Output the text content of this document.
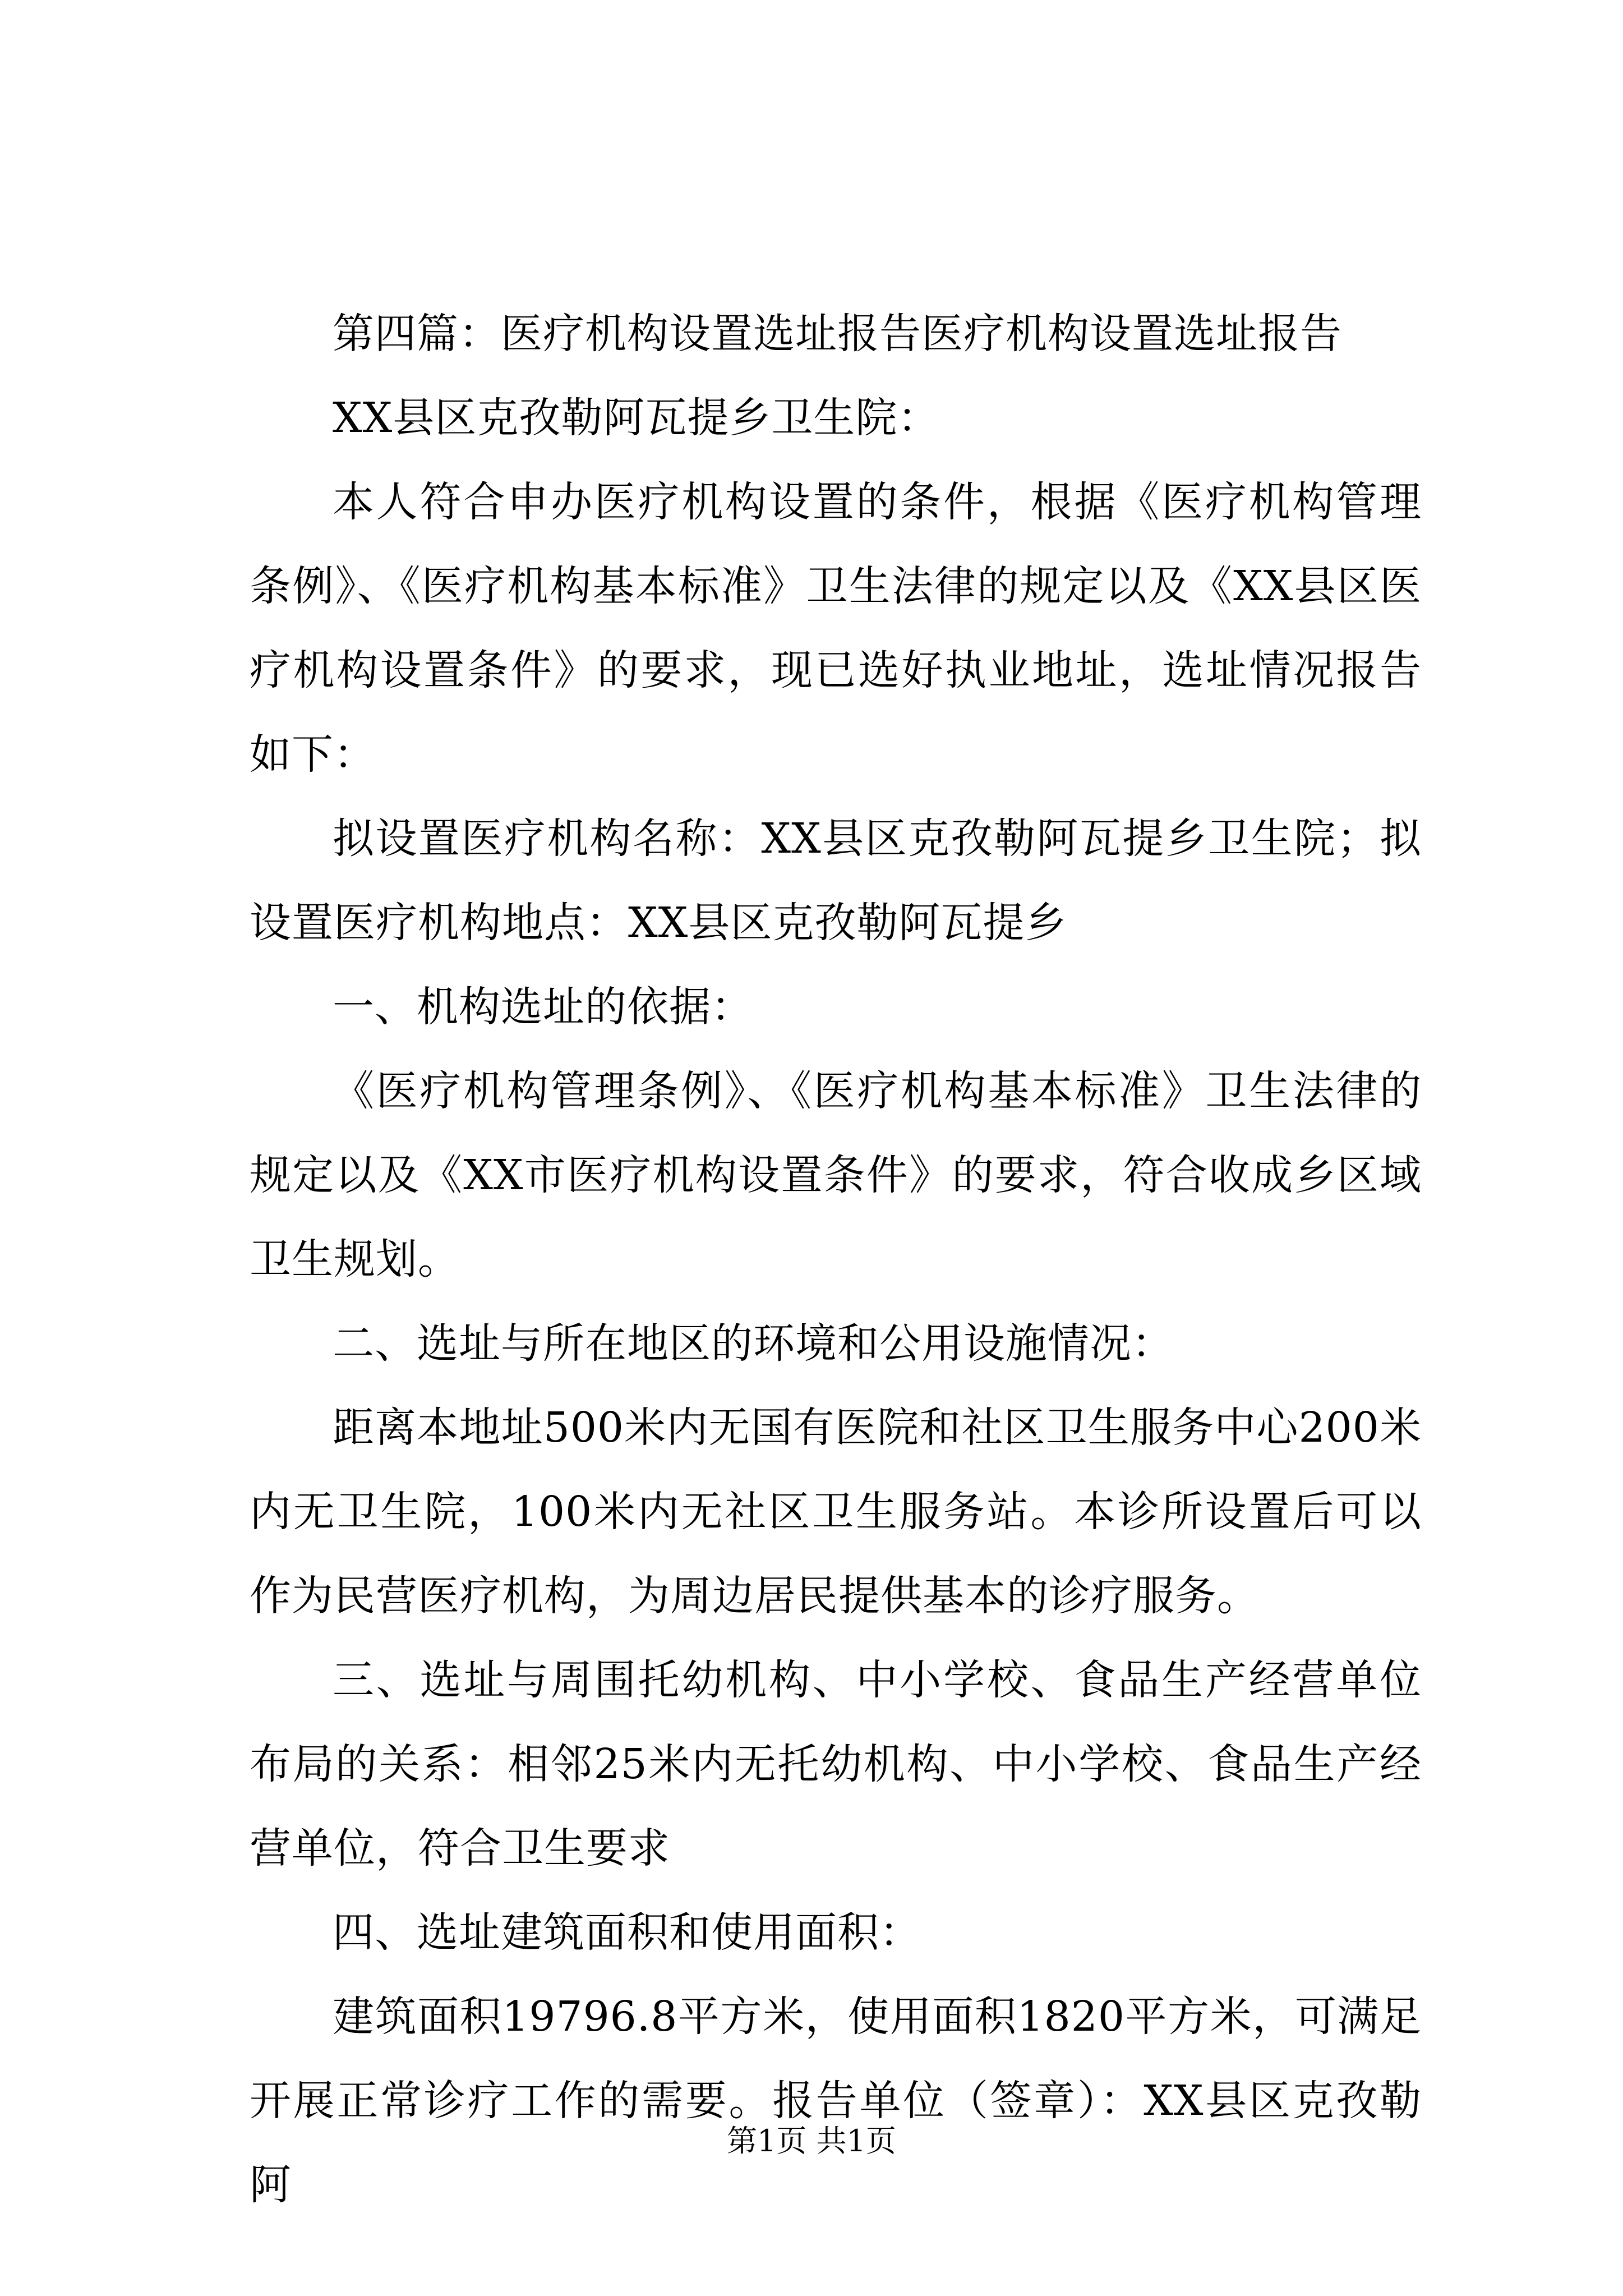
第四篇：医疗机构设置选址报告医疗机构设置选址报告

XX县区克孜勒阿瓦提乡卫生院：

本人符合申办医疗机构设置的条件，根据《医疗机构管理条例》、《医疗机构基本标准》卫生法律的规定以及《XX县区医疗机构设置条件》的要求，现已选好执业地址，选址情况报告如下：

拟设置医疗机构名称：XX县区克孜勒阿瓦提乡卫生院；拟设置医疗机构地点：XX县区克孜勒阿瓦提乡

一、机构选址的依据：

《医疗机构管理条例》、《医疗机构基本标准》卫生法律的规定以及《XX市医疗机构设置条件》的要求，符合收成乡区域卫生规划。

二、选址与所在地区的环境和公用设施情况：

距离本地址500米内无国有医院和社区卫生服务中心200米内无卫生院，100米内无社区卫生服务站。本诊所设置后可以作为民营医疗机构，为周边居民提供基本的诊疗服务。

三、选址与周围托幼机构、中小学校、食品生产经营单位布局的关系：相邻25米内无托幼机构、中小学校、食品生产经营单位，符合卫生要求

四、选址建筑面积和使用面积：

建筑面积19796.8平方米，使用面积1820平方米，可满足开展正常诊疗工作的需要。报告单位（签章）：XX县区克孜勒阿

第1页 共1页
